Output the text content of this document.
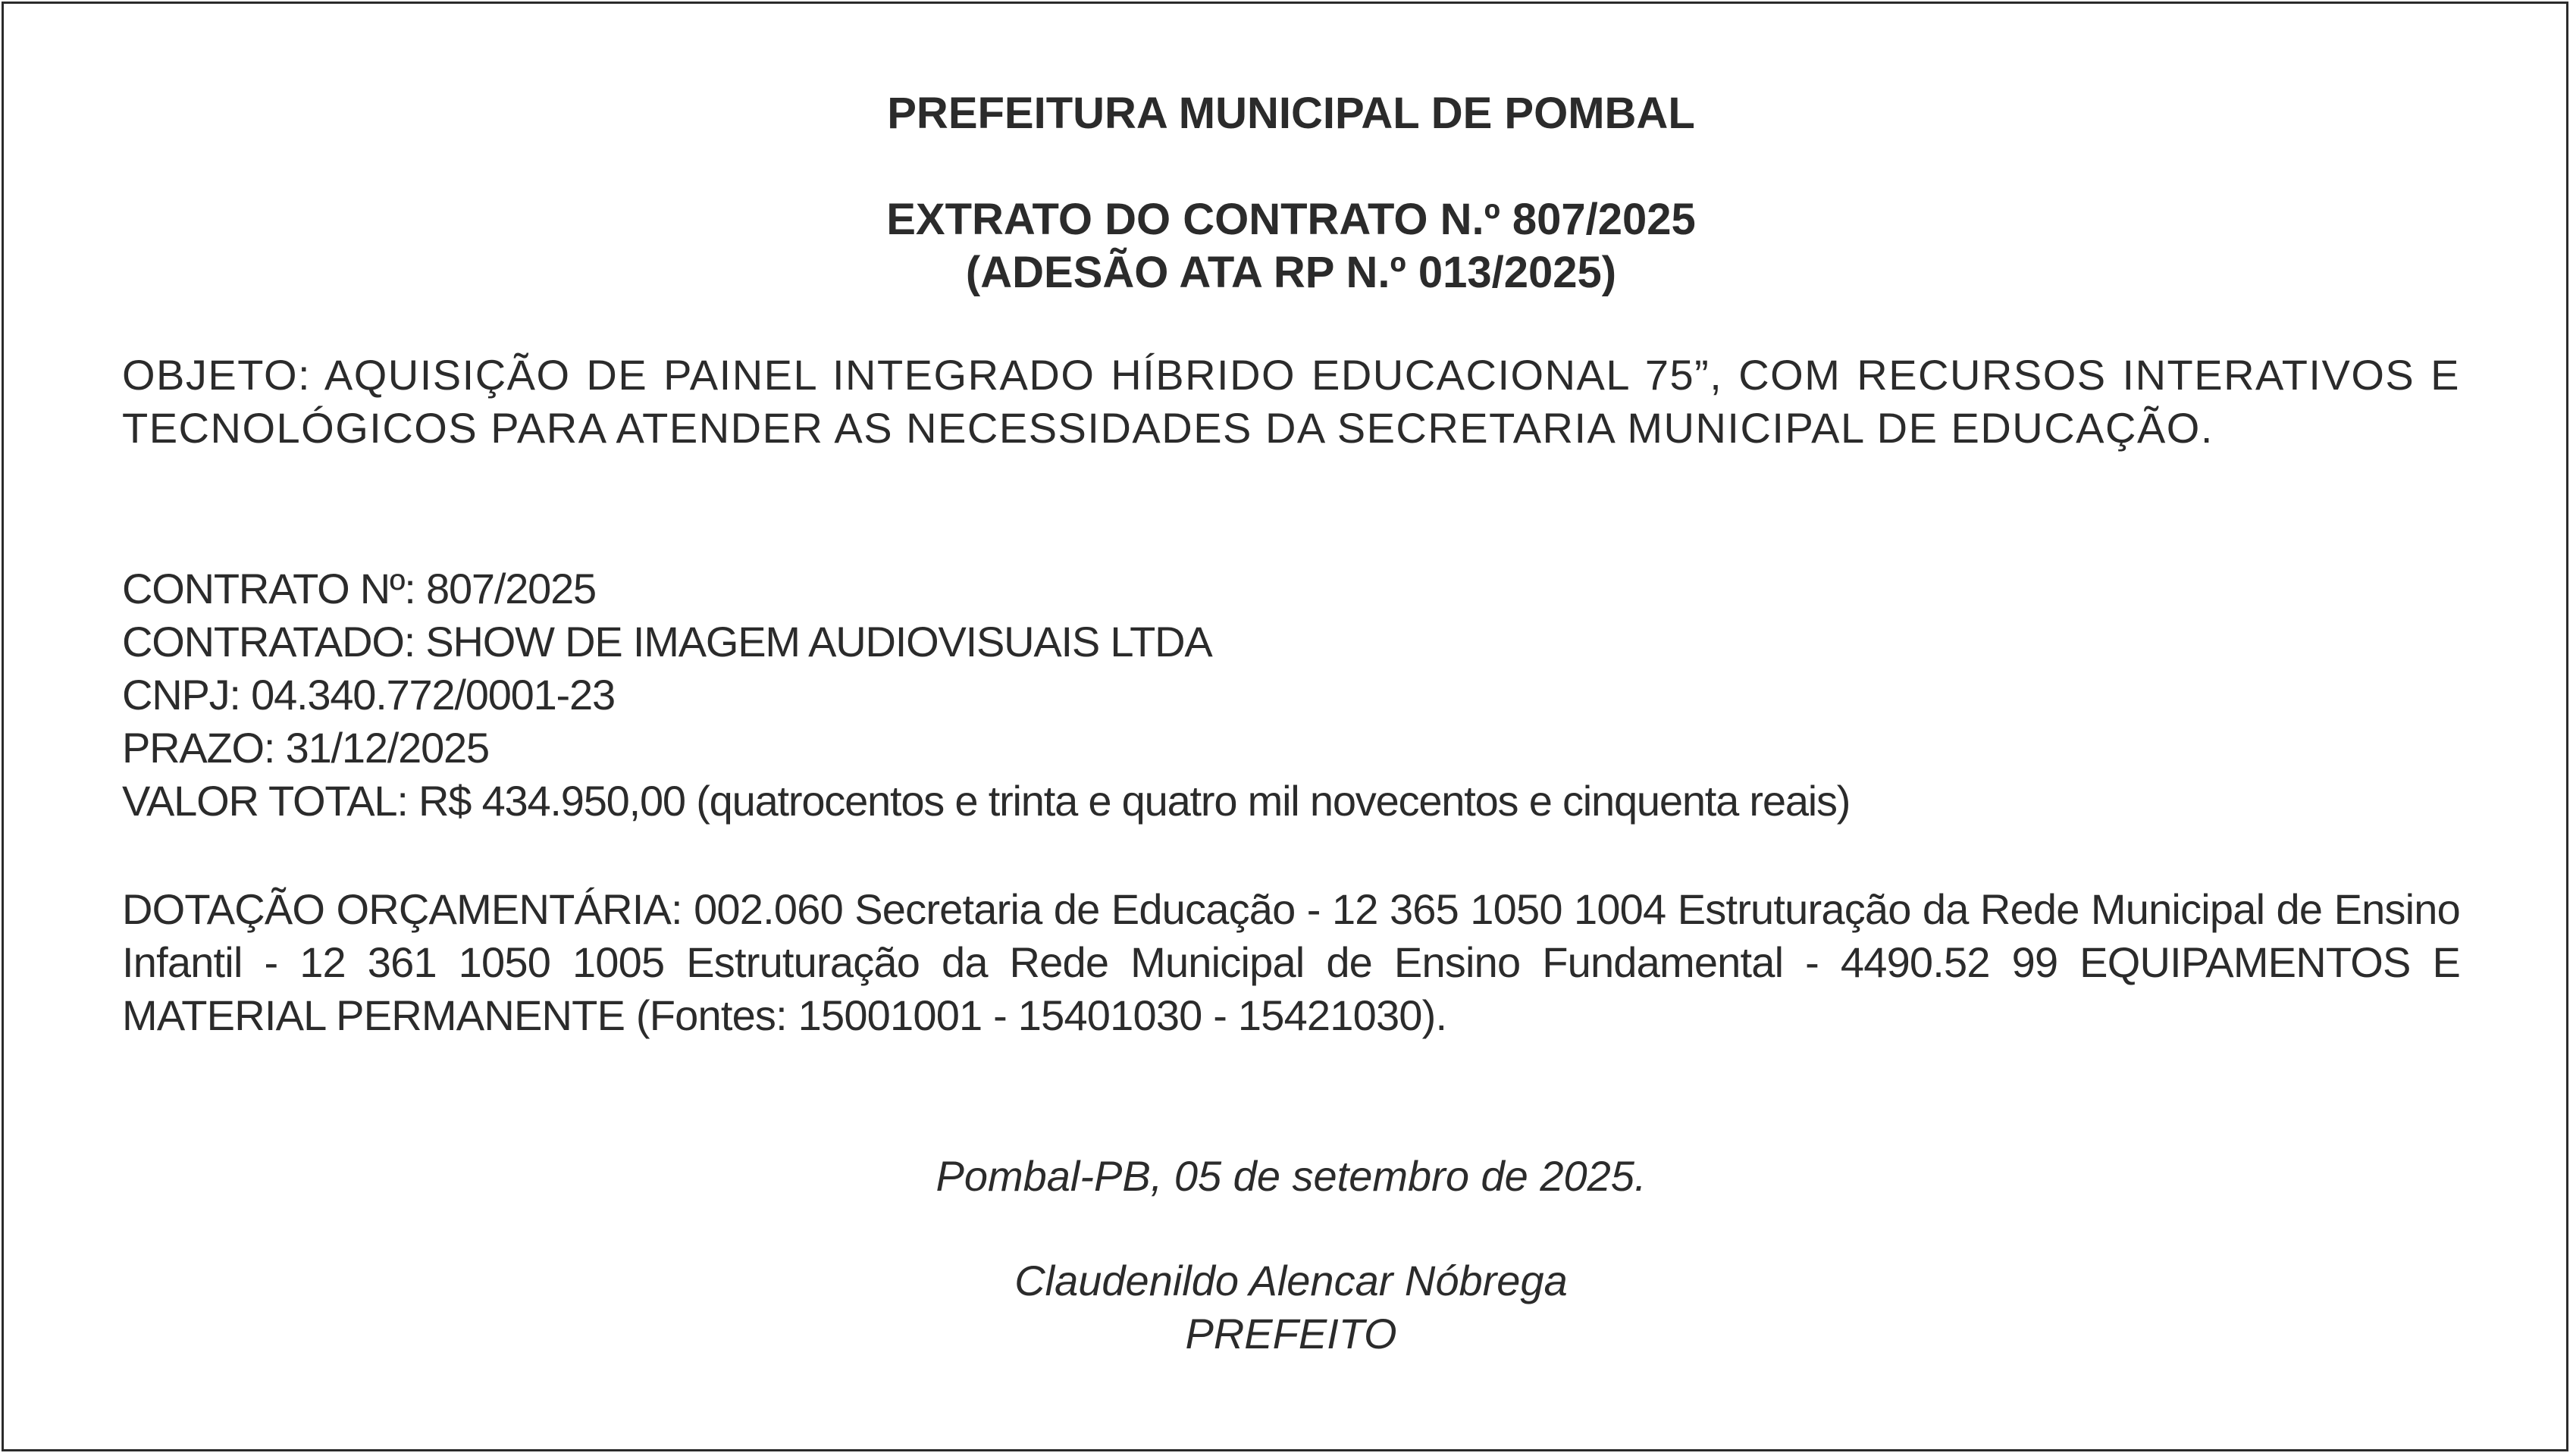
PREFEITURA MUNICIPAL DE POMBAL

EXTRATO DO CONTRATO N.º 807/2025

(ADESÃO ATA RP N.º 013/2025)

OBJETO: AQUISIÇÃO DE PAINEL INTEGRADO HÍBRIDO EDUCACIONAL 75”, COM RECURSOS INTERATIVOS E TECNOLÓGICOS PARA ATENDER AS NECESSIDADES DA SECRETARIA MUNICIPAL DE EDUCAÇÃO.

CONTRATO Nº: 807/2025
CONTRATADO: SHOW DE IMAGEM AUDIOVISUAIS LTDA
CNPJ: 04.340.772/0001-23
PRAZO: 31/12/2025
VALOR TOTAL: R$ 434.950,00 (quatrocentos e trinta e quatro mil novecentos e cinquenta reais)

DOTAÇÃO ORÇAMENTÁRIA: 002.060 Secretaria de Educação - 12 365 1050 1004 Estruturação da Rede Municipal de Ensino Infantil - 12 361 1050 1005 Estruturação da Rede Municipal de Ensino Fundamental - 4490.52 99 EQUIPAMENTOS E MATERIAL PERMANENTE (Fontes: 15001001 - 15401030 - 15421030).

Pombal-PB, 05 de setembro de 2025.

Claudenildo Alencar Nóbrega

PREFEITO
